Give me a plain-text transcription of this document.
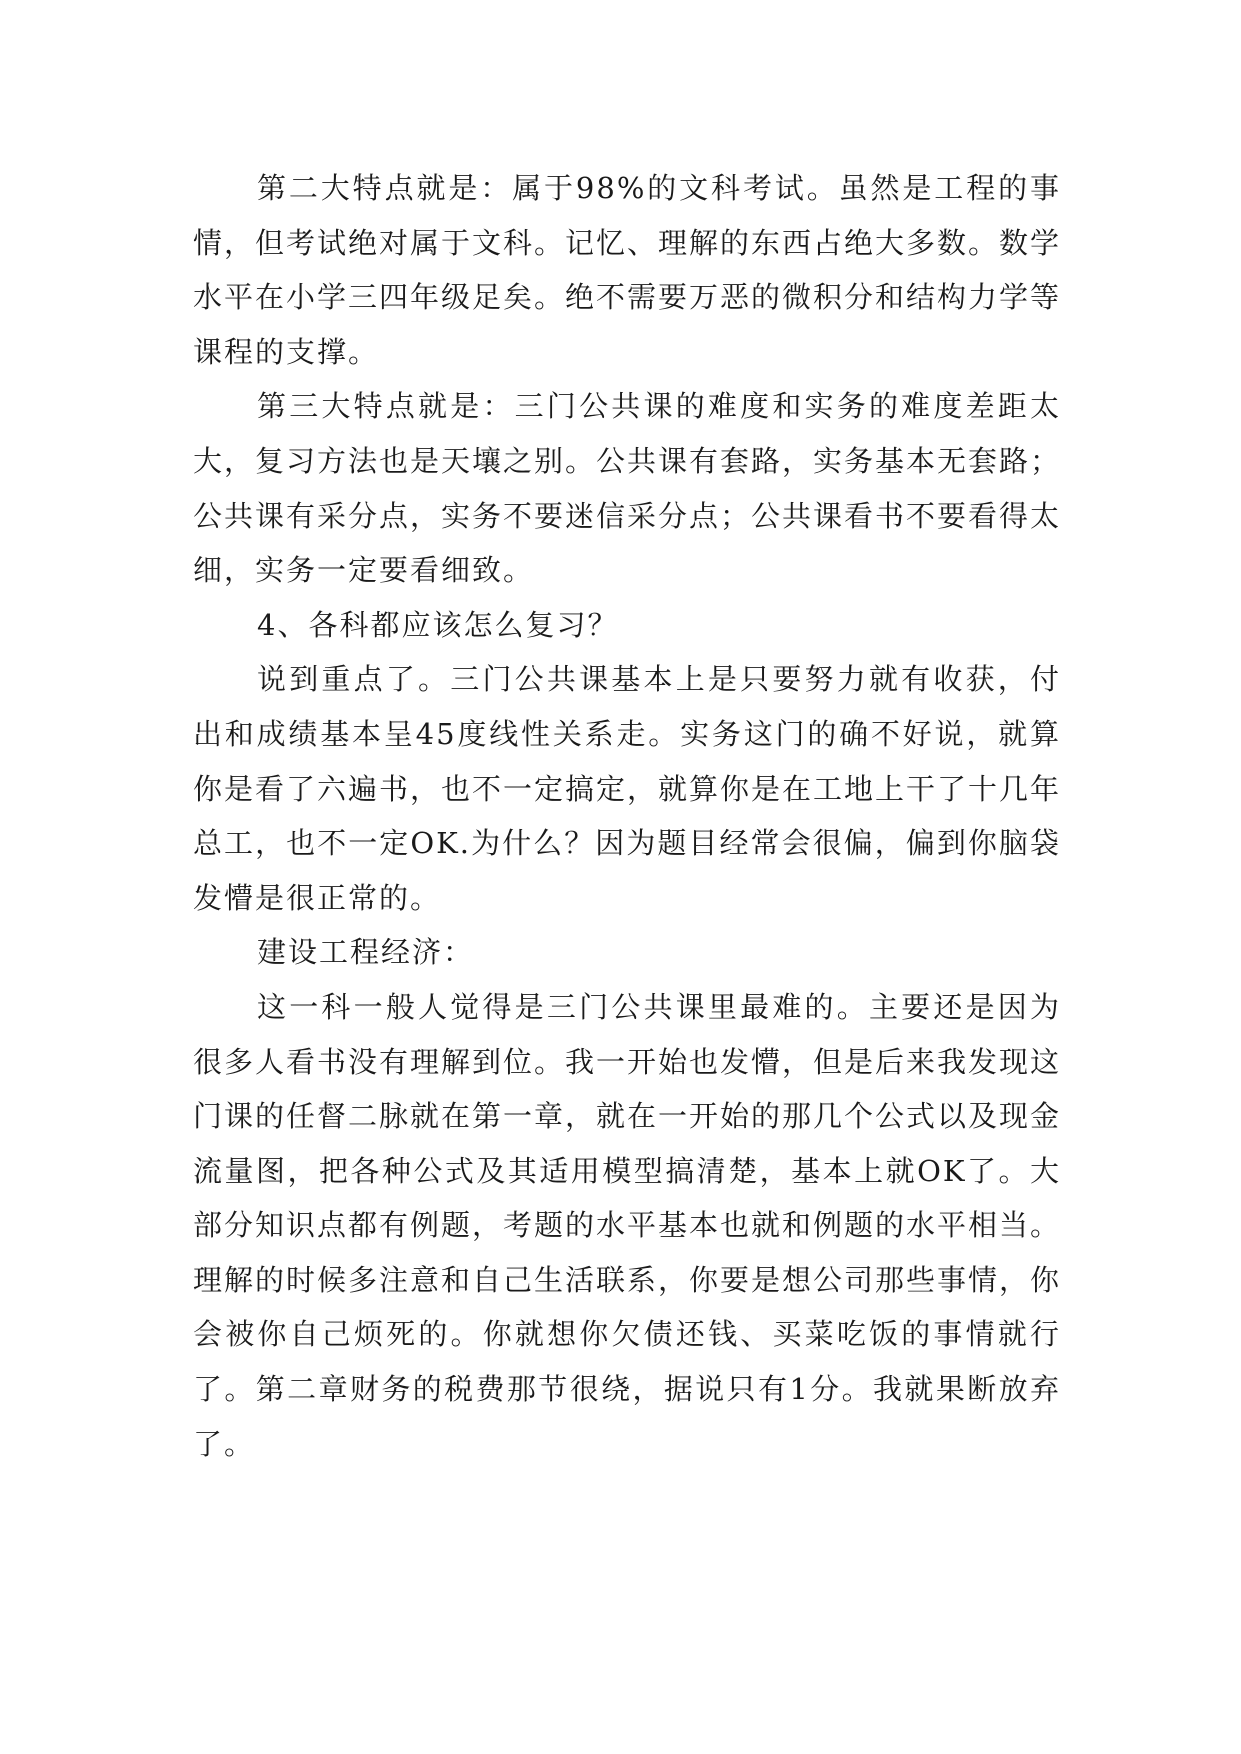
第二大特点就是：属于98%的文科考试。虽然是工程的事情，但考试绝对属于文科。记忆、理解的东西占绝大多数。数学水平在小学三四年级足矣。绝不需要万恶的微积分和结构力学等课程的支撑。

第三大特点就是：三门公共课的难度和实务的难度差距太大，复习方法也是天壤之别。公共课有套路，实务基本无套路；公共课有采分点，实务不要迷信采分点；公共课看书不要看得太细，实务一定要看细致。

4、各科都应该怎么复习？

说到重点了。三门公共课基本上是只要努力就有收获，付出和成绩基本呈45度线性关系走。实务这门的确不好说，就算你是看了六遍书，也不一定搞定，就算你是在工地上干了十几年总工，也不一定OK.为什么？因为题目经常会很偏，偏到你脑袋发懵是很正常的。

建设工程经济：

这一科一般人觉得是三门公共课里最难的。主要还是因为很多人看书没有理解到位。我一开始也发懵，但是后来我发现这门课的任督二脉就在第一章，就在一开始的那几个公式以及现金流量图，把各种公式及其适用模型搞清楚，基本上就OK了。大部分知识点都有例题，考题的水平基本也就和例题的水平相当。理解的时候多注意和自己生活联系，你要是想公司那些事情，你会被你自己烦死的。你就想你欠债还钱、买菜吃饭的事情就行了。第二章财务的税费那节很绕，据说只有1分。我就果断放弃了。
